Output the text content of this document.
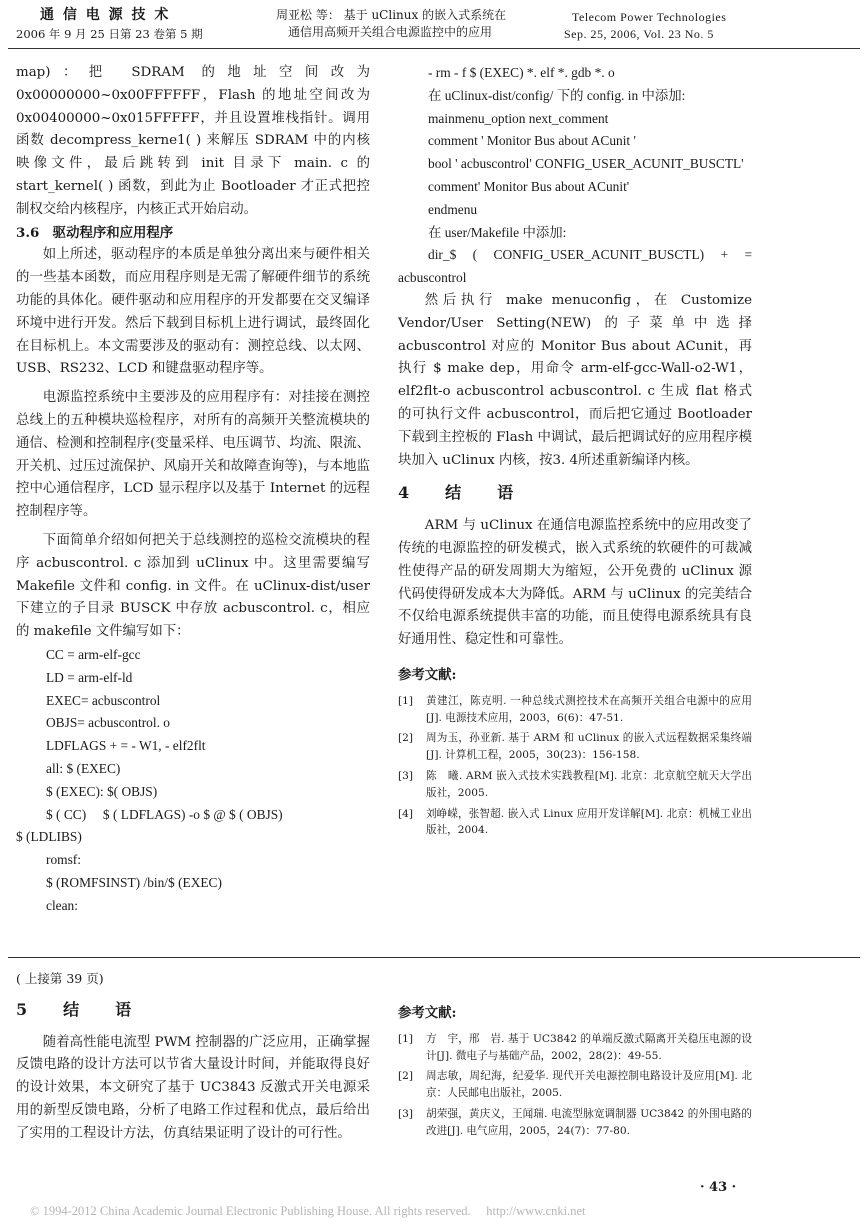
通 信 电 源 技 术
2006 年 9 月 25 日第 23 卷第 5 期
周亚松 等： 基于 uClinux 的嵌入式系统在
通信用高频开关组合电源监控中的应用
Telecom Power Technologies
Sep. 25, 2006, Vol. 23 No. 5

map)：把 SDRAM 的地址空间改为 0x00000000~0x00FFFFFF，Flash 的地址空间改为 0x00400000~0x015FFFFF，并且设置堆栈指针。调用函数 decompress_kerne1( ) 来解压 SDRAM 中的内核映像文件，最后跳转到 init 目录下 main. c 的 start_kernel( ) 函数，到此为止 Bootloader 才正式把控制权交给内核程序，内核正式开始启动。

3.6　驱动程序和应用程序

如上所述，驱动程序的本质是单独分离出来与硬件相关的一些基本函数，而应用程序则是无需了解硬件细节的系统功能的具体化。硬件驱动和应用程序的开发都要在交叉编译环境中进行开发。然后下载到目标机上进行调试，最终固化在目标机上。本文需要涉及的驱动有：测控总线、以太网、USB、RS232、LCD 和键盘驱动程序等。

电源监控系统中主要涉及的应用程序有：对挂接在测控总线上的五种模块巡检程序，对所有的高频开关整流模块的通信、检测和控制程序(变量采样、电压调节、均流、限流、开关机、过压过流保护、风扇开关和故障查询等)，与本地监控中心通信程序，LCD 显示程序以及基于 Internet 的远程控制程序等。

下面简单介绍如何把关于总线测控的巡检交流模块的程序 acbuscontrol. c 添加到 uClinux 中。这里需要编写 Makefile 文件和 config. in 文件。在 uClinux-dist/user 下建立的子目录 BUSCK 中存放 acbuscontrol. c，相应的 makefile 文件编写如下：

CC = arm-elf-gcc

LD = arm-elf-ld

EXEC= acbuscontrol

OBJS= acbuscontrol. o

LDFLAGS + = - W1, - elf2flt

all: $ (EXEC)

$ (EXEC): $( OBJS)

$ ( CC)　 $ ( LDFLAGS) -o $ @ $ ( OBJS)

$ (LDLIBS)

romsf:

$ (ROMFSINST) /bin/$ (EXEC)

clean:

- rm - f $ (EXEC) *. elf *. gdb *. o

在 uClinux-dist/config/ 下的 config. in 中添加:

mainmenu_option next_comment

comment ' Monitor Bus about ACunit '

bool ' acbuscontrol' CONFIG_USER_ACUNIT_BUSCTL'

comment' Monitor Bus about ACunit'

endmenu

在 user/Makefile 中添加:

dir_$ ( CONFIG_USER_ACUNIT_BUSCTL) + =　acbuscontrol

然后执行 make menuconfig，在 Customize Vendor/User Setting(NEW) 的子菜单中选择 acbuscontrol 对应的 Monitor Bus about ACunit，再执行 $ make dep，用命令 arm-elf-gcc-Wall-o2-W1，elf2flt-o acbuscontrol acbuscontrol. c 生成 flat 格式的可执行文件 acbuscontrol，而后把它通过 Bootloader 下载到主控板的 Flash 中调试，最后把调试好的应用程序模块加入 uClinux 内核，按3. 4所述重新编译内核。

4　结　语

ARM 与 uClinux 在通信电源监控系统中的应用改变了传统的电源监控的研发模式，嵌入式系统的软硬件的可裁减性使得产品的研发周期大为缩短，公开免费的 uClinux 源代码使得研发成本大为降低。ARM 与 uClinux 的完美结合不仅给电源系统提供丰富的功能，而且使得电源系统具有良好通用性、稳定性和可靠性。

参考文献:

[1]	黄建江，陈克明. 一种总线式测控技术在高频开关组合电源中的应用[J]. 电源技术应用，2003，6(6)：47-51.
[2]	周为玉，孙亚新. 基于 ARM 和 uClinux 的嵌入式远程数据采集终端[J]. 计算机工程，2005，30(23)：156-158.
[3]	陈　曦. ARM 嵌入式技术实践教程[M]. 北京：北京航空航天大学出版社，2005.
[4]	刘峥嵘，张智超. 嵌入式 Linux 应用开发详解[M]. 北京：机械工业出版社，2004.

( 上接第 39 页)

5　结　语

随着高性能电流型 PWM 控制器的广泛应用，正确掌握反馈电路的设计方法可以节省大量设计时间，并能取得良好的设计效果，本文研究了基于 UC3843 反激式开关电源采用的新型反馈电路，分析了电路工作过程和优点，最后给出了实用的工程设计方法，仿真结果证明了设计的可行性。

参考文献:

[1]	方　宇，邢　岩. 基于 UC3842 的单端反激式隔离开关稳压电源的设计[J]. 微电子与基础产品，2002，28(2)：49-55.
[2]	周志敏，周纪海，纪爱华. 现代开关电源控制电路设计及应用[M]. 北京：人民邮电出版社，2005.
[3]	胡荣强，黄庆义，王闻瑞. 电流型脉宽调制器 UC3842 的外围电路的改进[J]. 电气应用，2005，24(7)：77-80.
· 43 ·
© 1994-2012 China Academic Journal Electronic Publishing House. All rights reserved.　 http://www.cnki.net
